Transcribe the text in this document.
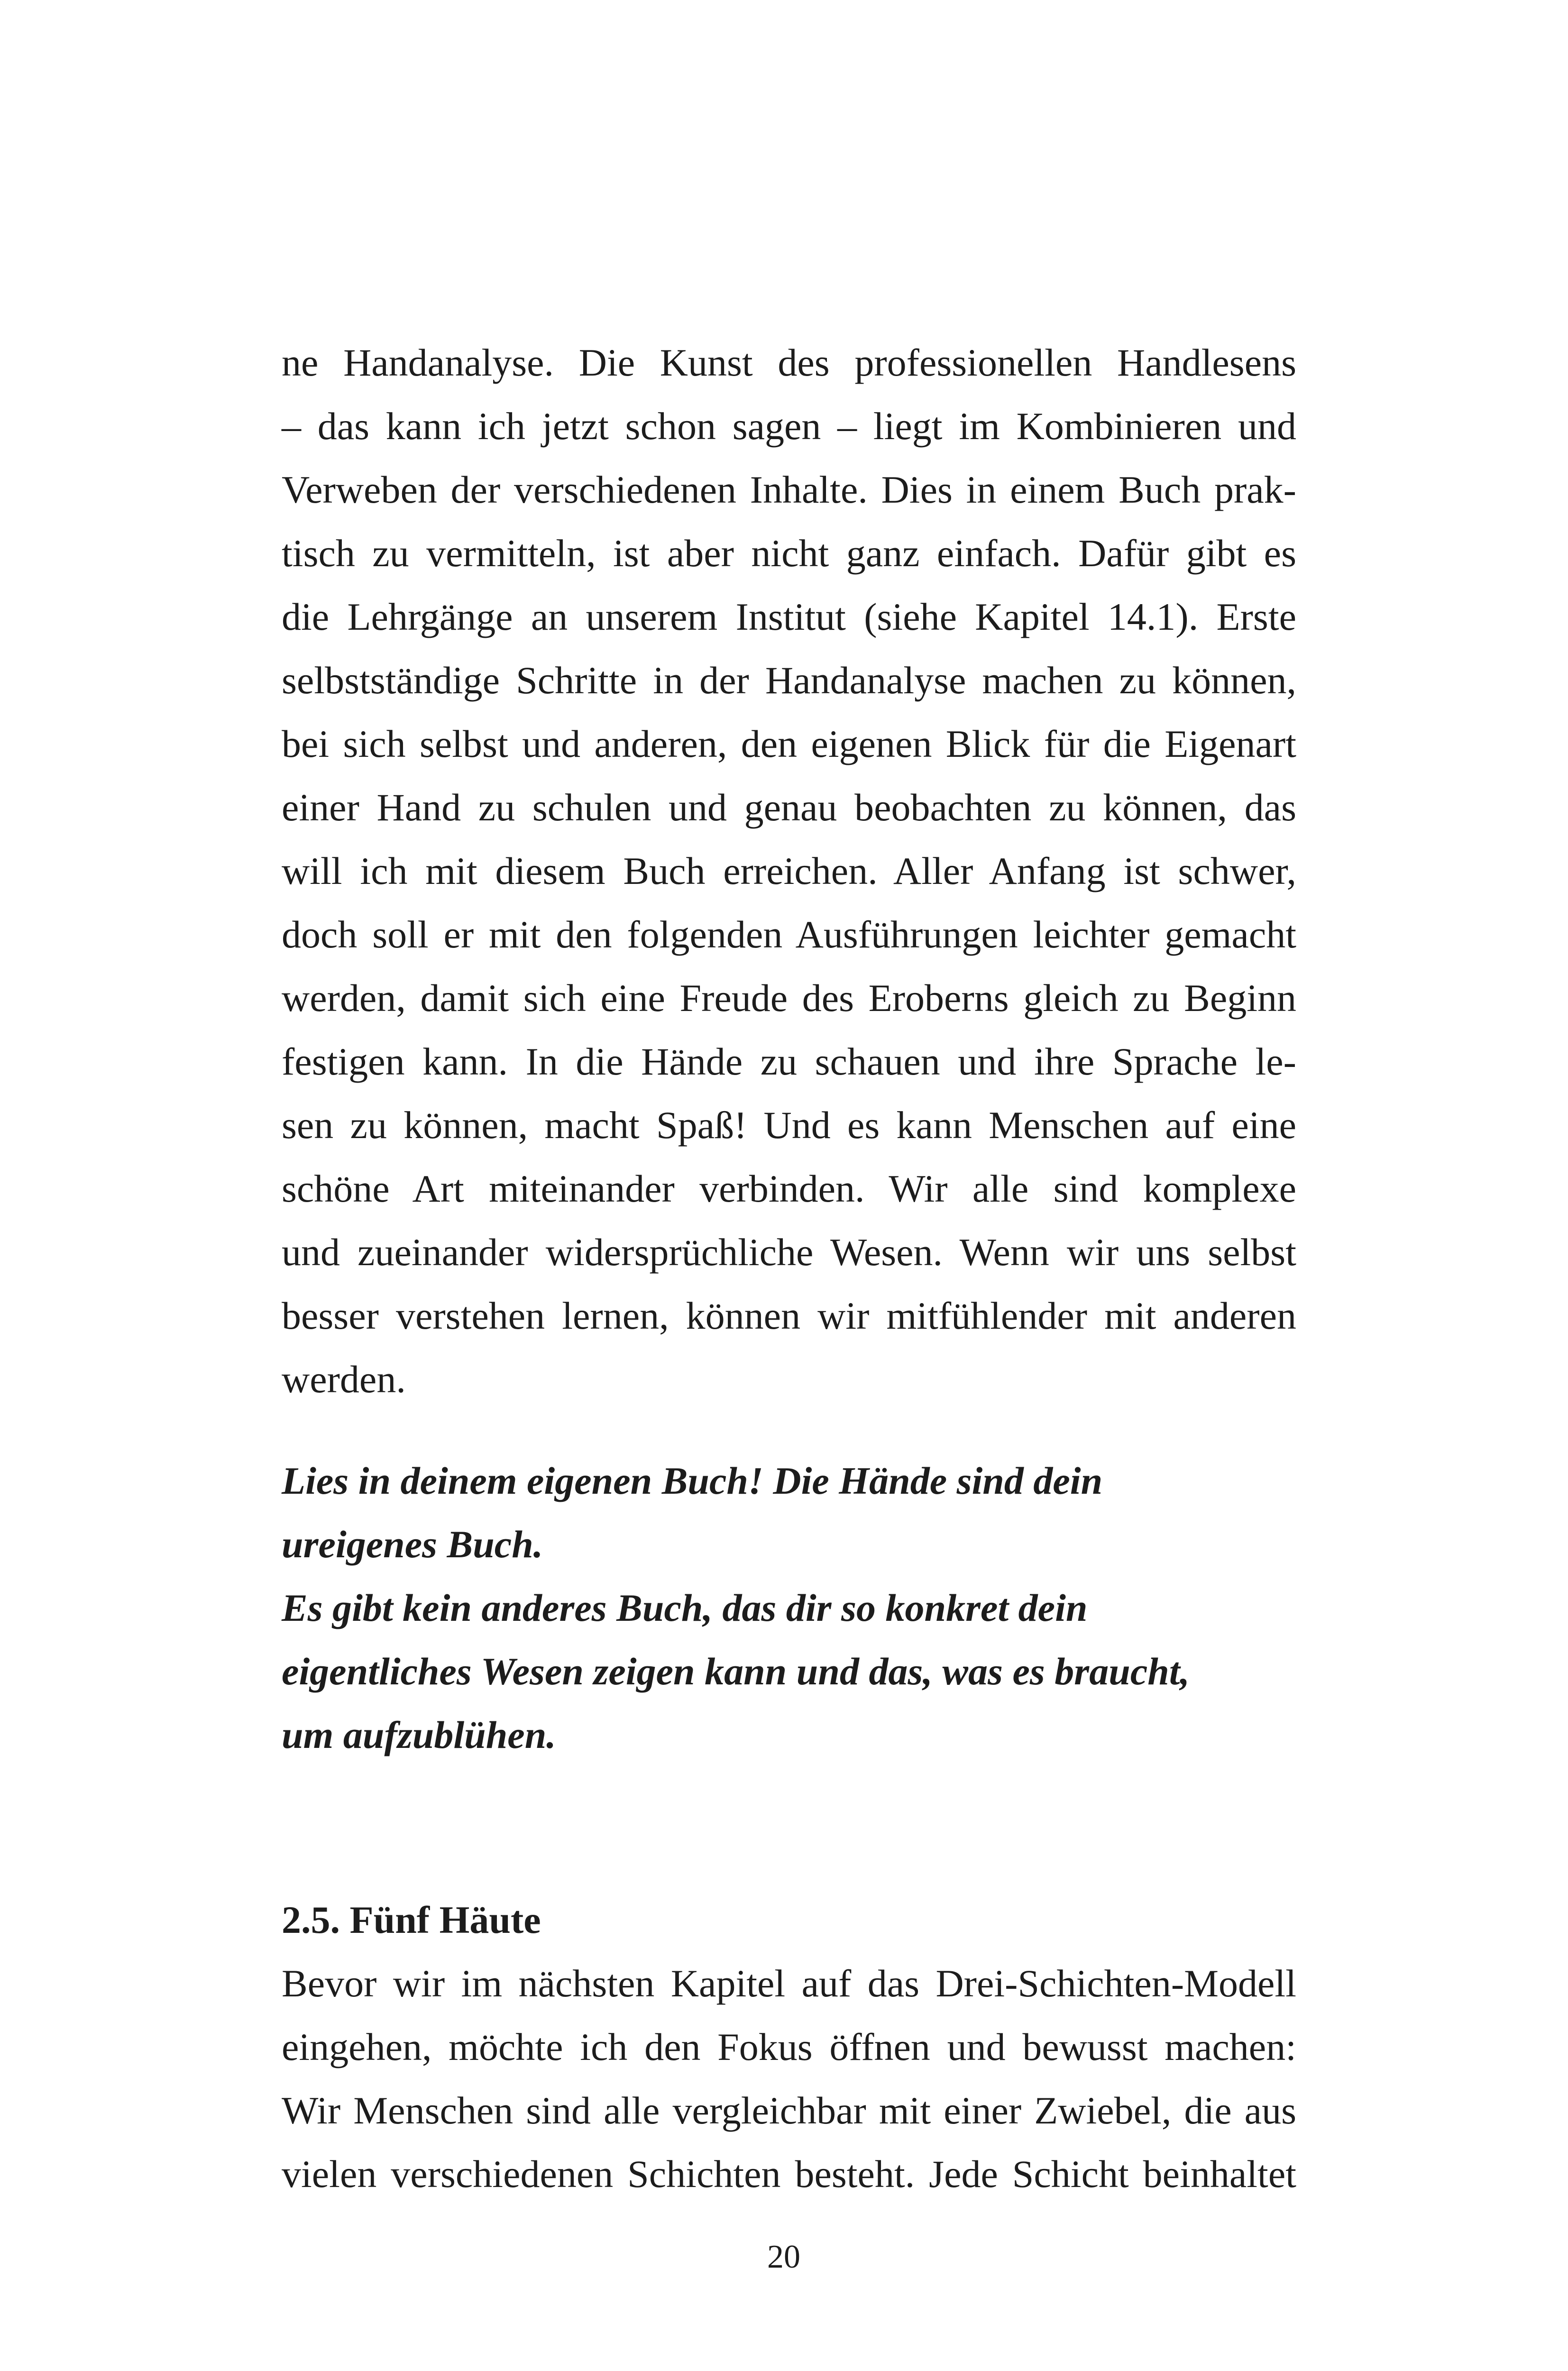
ne Handanalyse. Die Kunst des professionellen Handlesens
– das kann ich jetzt schon sagen – liegt im Kombinieren und
Verweben der verschiedenen Inhalte. Dies in einem Buch prak-
tisch zu vermitteln, ist aber nicht ganz einfach. Dafür gibt es
die Lehrgänge an unserem Institut (siehe Kapitel 14.1). Erste
selbstständige Schritte in der Handanalyse machen zu können,
bei sich selbst und anderen, den eigenen Blick für die Eigenart
einer Hand zu schulen und genau beobachten zu können, das
will ich mit diesem Buch erreichen. Aller Anfang ist schwer,
doch soll er mit den folgenden Ausführungen leichter gemacht
werden, damit sich eine Freude des Eroberns gleich zu Beginn
festigen kann. In die Hände zu schauen und ihre Sprache le-
sen zu können, macht Spaß! Und es kann Menschen auf eine
schöne Art miteinander verbinden. Wir alle sind komplexe
und zueinander widersprüchliche Wesen. Wenn wir uns selbst
besser verstehen lernen, können wir mitfühlender mit anderen
werden.
Lies in deinem eigenen Buch! Die Hände sind dein
ureigenes Buch.
Es gibt kein anderes Buch, das dir so konkret dein
eigentliches Wesen zeigen kann und das, was es braucht,
um aufzublühen.
2.5. Fünf Häute
Bevor wir im nächsten Kapitel auf das Drei-Schichten-Modell
eingehen, möchte ich den Fokus öffnen und bewusst machen:
Wir Menschen sind alle vergleichbar mit einer Zwiebel, die aus
vielen verschiedenen Schichten besteht. Jede Schicht beinhaltet
20
